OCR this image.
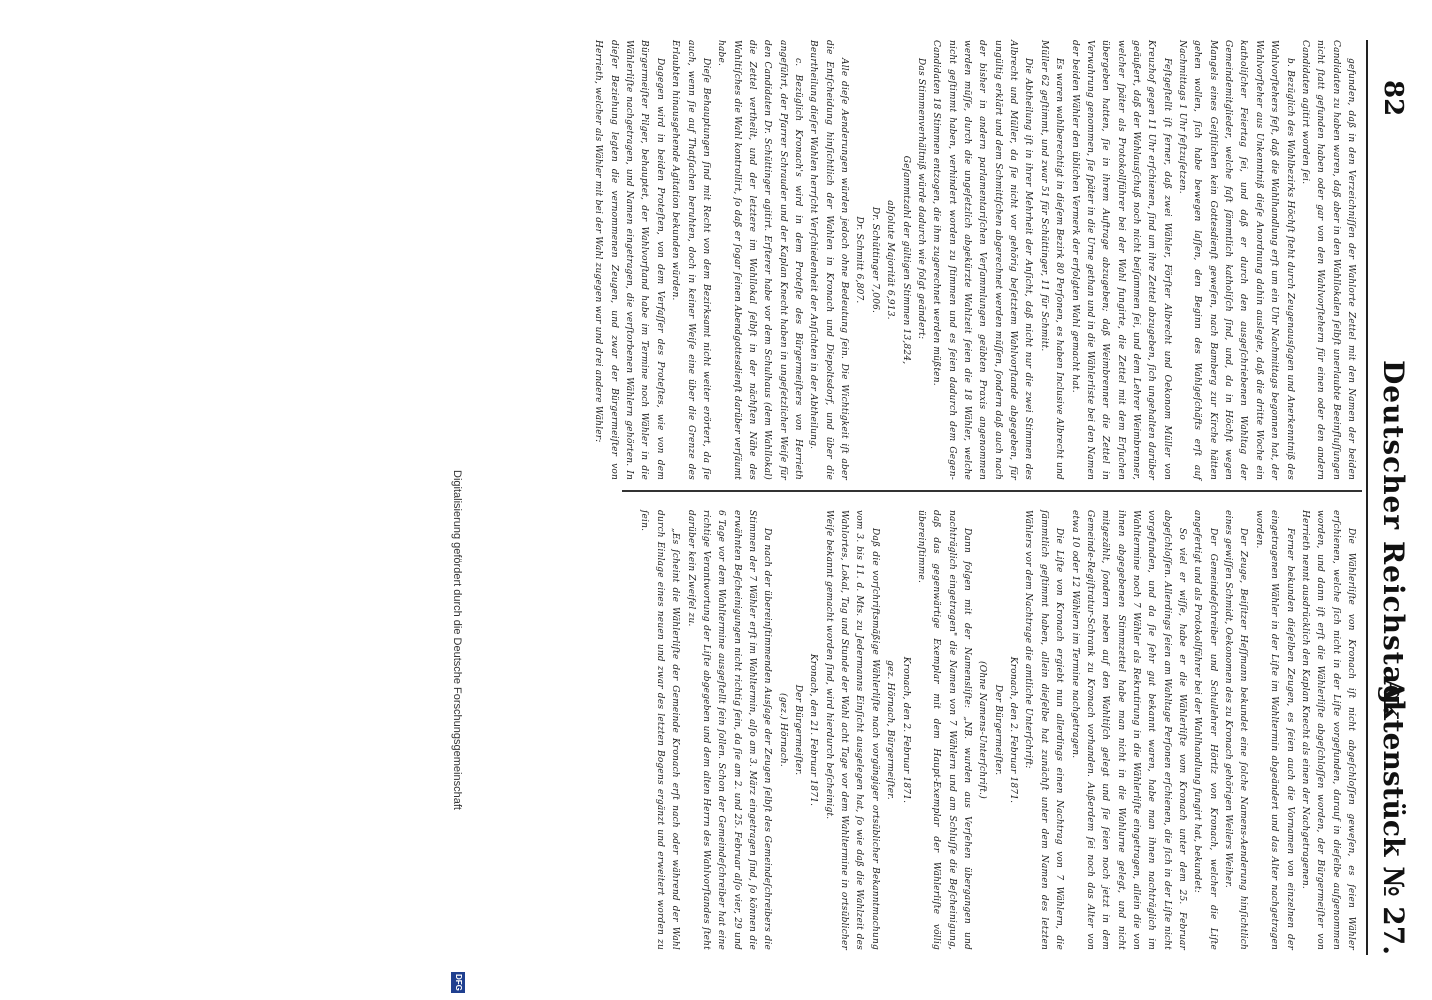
82
Deutscher Reichstag.
Aktenstück № 27.

gefunden, daß in den Verzeichniſſen der Wahlorte Zettel mit den Namen der beiden Candidaten zu haben waren, daß aber in den Wahllokalen ſelbſt unerlaubte Beeinfluſſungen nicht ſtatt gefunden haben oder gar von den Wahlvorſtehern für einen oder den andern Candidaten agitirt worden ſei.

b. Bezüglich des Wahlbezirks Höchſt ſteht durch Zeugenausſagen und Anerkenntniß des Wahlvorſtehers feſt, daß die Wahlhandlung erſt um ein Uhr Nachmittags begonnen hat, der Wahlvorſteher aus Unkenntniß dieſe Anordnung dahin auslegte, daß die dritte Woche ein katholiſcher Feiertag ſei, und daß er durch den ausgeſchriebenen Wahltag der Gemeindemitglieder, welche faſt ſämmtlich katholiſch ſind, und, da in Höchſt wegen Mangels eines Geiſtlichen kein Gottesdienſt geweſen, nach Bamberg zur Kirche hätten gehen wollen, ſich habe bewegen laſſen, den Beginn des Wahlgeſchäfts erſt auf Nachmittags 1 Uhr feſtzuſetzen.

Feſtgeſtellt iſt ferner, daß zwei Wähler, Förſter Albrecht und Oekonom Müller von Kreuzhof gegen 11 Uhr erſchienen, ſind um ihre Zettel abzugeben, ſich ungehalten darüber geäußert, daß der Wahlausſchuß noch nicht beiſammen ſei, und dem Lehrer Weimbrenner, welcher ſpäter als Protokollführer bei der Wahl fungirte, die Zettel mit dem Erſuchen übergeben hatten, ſie in ihrem Auftrage abzugeben; daß Weimbrenner die Zettel in Verwahrung genommen, ſie ſpäter in die Urne gethan und in die Wählerliste bei den Namen der beiden Wähler den üblichen Vermerk der erfolgten Wahl gemacht hat.

Es waren wahlberechtigt in dieſem Bezirk 80 Perſonen, es haben Inclusive Albrecht und Müller 62 geſtimmt, und zwar 51 für Schüttinger, 11 für Schmitt.

Die Abtheilung iſt in ihrer Mehrheit der Anſicht, daß nicht nur die zwei Stimmen des Albrecht und Müller, da ſie nicht vor gehörig beſetztem Wahlvorſtande abgegeben, für ungültig erklärt und dem Schmittſchen abgerechnet werden müſſen, ſondern daß auch nach der bisher in andern parlamentariſchen Verſammlungen geübten Praxis angenommen werden müſſe, durch die ungeſetzlich abgekürzte Wahlzeit ſeien die 18 Wähler, welche nicht geſtimmt haben, verhindert worden zu ſtimmen und es ſeien dadurch dem Gegen-Candidaten 18 Stimmen entzogen, die ihm zugerechnet werden müßten.

Das Stimmenverhältniß würde dadurch wie folgt geändert:

Geſammtzahl der gültigen Stimmen 13,824,
abſolute Majorität 6,913.
Dr. Schüttinger 7,006.
Dr. Schmitt 6,807.

Alle dieſe Aenderungen würden jedoch ohne Bedeutung ſein. Die Wichtigkeit iſt aber die Entſcheidung hinſichtlich der Wahlen in Kronach und Diepoltsdorf, und über die Beurtheilung dieſer Wahlen herrſcht Verſchiedenheit der Anſichten in der Abtheilung.

c. Bezüglich Kronach's wird in dem Proteſte des Bürgermeiſters von Herrieth angeführt, der Pfarrer Schrauder und der Kaplan Knecht haben in ungeſetzlicher Weiſe für den Candidaten Dr. Schüttinger agitirt. Erſterer habe vor dem Schulhaus (dem Wahllokal) die Zettel vertheilt, und der letztere im Wahllokal ſelbſt in der nächſten Nähe des Wahltiſches die Wahl kontrollirt, ſo daß er ſogar ſeinen Abendgottesdienſt darüber verſäumt habe.

Dieſe Behauptungen ſind mit Recht von dem Bezirksamt nicht weiter erörtert, da ſie auch, wenn ſie auf Thatſachen beruhten, doch in keiner Weiſe eine über die Grenze des Erlaubten hinausgehende Agitation bekunden würden.

Dagegen wird in beiden Proteſten, von dem Verfaſſer des Proteſtes, wie von dem Bürgermeiſter Pilger, behauptet, der Wahlvorſtand habe im Termine noch Wähler in die Wählerliſte nachgetragen, und Namen eingetragen, die verſtorbenen Wählern gehörten. In dieſer Beziehung legten die vernommenen Zeugen, und zwar der Bürgermeiſter von Herrieth, welcher als Wähler mit bei der Wahl zugegen war und drei andere Wähler:

Die Wählerliſte von Kronach iſt nicht abgeſchloſſen geweſen, es ſeien Wähler erſchienen, welche ſich nicht in der Liſte vorgefunden, darauf in dieſelbe aufgenommen worden, und dann iſt erſt die Wählerliſte abgeſchloſſen worden, der Bürgermeiſter von Herrieth nennt ausdrücklich den Kaplan Knecht als einen der Nachgetragenen.

Ferner bekunden dieſelben Zeugen, es ſeien auch die Vornamen von einzelnen der eingetragenen Wähler in der Liſte im Wahltermin abgeändert und das Alter nachgetragen worden.

Der Zeuge, Beiſitzer Heſſmann bekundet eine ſolche Namens-Aenderung hinſichtlich eines gewiſſen Schmidt, Oekonomen des zu Kronach gehörigen Weilers Weiher.

Der Gemeindeſchreiber und Schullehrer Hörtlz von Kronach, welcher die Liſte angefertigt und als Protokollführer bei der Wahlhandlung fungirt hat, bekundet:

So viel er wiſſe, habe er die Wählerliſte vom Kronach unter dem 25. Februar abgeſchloſſen. Allerdings ſeien am Wahltage Perſonen erſchienen, die ſich in der Liſte nicht vorgefunden, und da ſie ſehr gut bekannt waren, habe man ihnen nachträglich im Wahltermine noch 7 Wähler als Rekrutirung in die Wählerliſte eingetragen, allein die von ihnen abgegebenen Stimmzettel habe man nicht in die Wahlurne gelegt, und nicht mitgezählt, ſondern neben auf den Wahltiſch gelegt und ſie ſeien noch jetzt in dem Gemeinde-Regiſtratur-Schrank zu Kronach vorhanden. Außerdem ſei noch das Alter von etwa 10 oder 12 Wählern im Termine nachgetragen.

Die Liſte von Kronach ergiebt nun allerdings einen Nachtrag von 7 Wählern, die ſämmtlich geſtimmt haben, allein dieſelbe hat zunächſt unter dem Namen des letzten Wählers vor dem Nachtrage die amtliche Unterſchrift:

Kronach, den 2. Februar 1871.
Der Bürgermeiſter.
(Ohne Namens-Unterſchrift.)

Dann folgen mit der Namensliſte: „NB. wurden aus Verſehen übergangen und nachträglich eingetragen" die Namen von 7 Wählern und am Schluſſe die Beſcheinigung, daß das gegenwärtige Exemplar mit dem Haupt-Exemplar der Wählerliſte völlig übereinſtimme.

Kronach, den 2. Februar 1871.
gez. Hörnach, Bürgermeiſter.

Daß die vorſchriftsmäßige Wählerliſte nach vorgängiger ortsüblicher Bekanntmachung vom 3. bis 11. d. Mts. zu Jedermanns Einſicht ausgelegen hat, ſo wie daß die Wahlzeit des Wahlortes, Lokal, Tag und Stunde der Wahl acht Tage vor dem Wahltermine in ortsüblicher Weiſe bekannt gemacht worden ſind, wird hierdurch beſcheinigt.

Kronach, den 21. Februar 1871.
Der Bürgermeiſter.
(gez.) Hörnach.

Da nach der übereinſtimmenden Ausſage der Zeugen ſelbſt des Gemeindeſchreibers die Stimmen der 7 Wähler erſt im Wahltermin, alſo am 3. März eingetragen ſind, ſo können die erwähnten Beſcheinigungen nicht richtig ſein, da ſie am 2. und 25. Februar alſo vier, 29 und 6 Tage vor dem Wahltermine ausgeſtellt ſein ſollen. Schon der Gemeindeſchreiber hat eine richtige Verantwortung der Liſte abgegeben und dem alten Herrn des Wahlvorſtandes ſteht darüber kein Zweifel zu.

„Es ſcheint die Wählerliſte der Gemeinde Kronach erſt nach oder während der Wahl durch Einlage eines neuen und zwar des letzten Bogens ergänzt und erweitert worden zu ſein.

Digitalisierung gefördert durch die Deutsche Forschungsgemeinschaft
DFG
